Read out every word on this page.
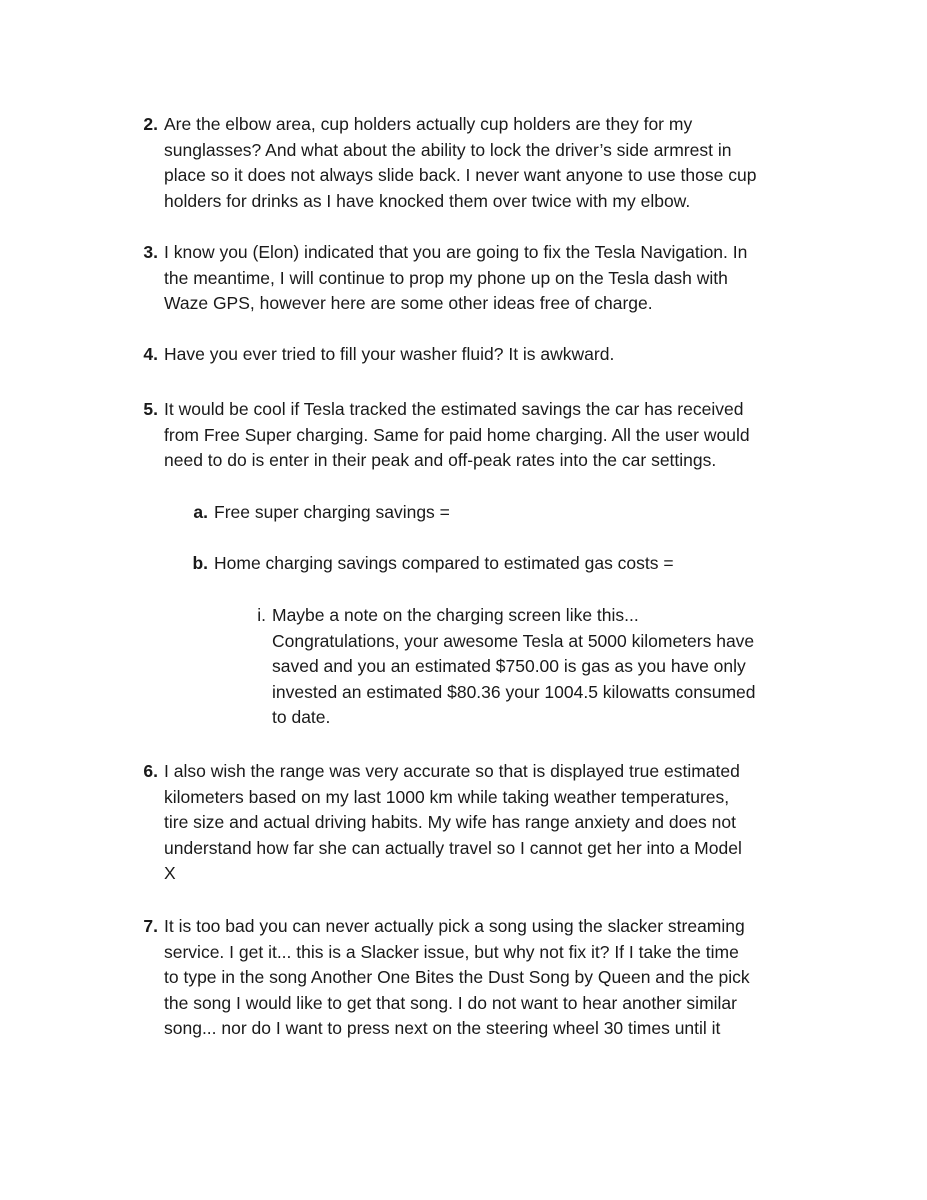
2. Are the elbow area, cup holders actually cup holders are they for my
sunglasses? And what about the ability to lock the driver’s side armrest in
place so it does not always slide back. I never want anyone to use those cup
holders for drinks as I have knocked them over twice with my elbow.
3. I know you (Elon) indicated that you are going to fix the Tesla Navigation. In
the meantime, I will continue to prop my phone up on the Tesla dash with
Waze GPS, however here are some other ideas free of charge.
4. Have you ever tried to fill your washer fluid? It is awkward.
5. It would be cool if Tesla tracked the estimated savings the car has received
from Free Super charging. Same for paid home charging. All the user would
need to do is enter in their peak and off-peak rates into the car settings.
a. Free super charging savings =
b. Home charging savings compared to estimated gas costs =
i. Maybe a note on the charging screen like this...
Congratulations, your awesome Tesla at 5000 kilometers have
saved and you an estimated $750.00 is gas as you have only
invested an estimated $80.36 your 1004.5 kilowatts consumed
to date.
6. I also wish the range was very accurate so that is displayed true estimated
kilometers based on my last 1000 km while taking weather temperatures,
tire size and actual driving habits. My wife has range anxiety and does not
understand how far she can actually travel so I cannot get her into a Model
X
7. It is too bad you can never actually pick a song using the slacker streaming
service. I get it... this is a Slacker issue, but why not fix it? If I take the time
to type in the song Another One Bites the Dust Song by Queen and the pick
the song I would like to get that song. I do not want to hear another similar
song... nor do I want to press next on the steering wheel 30 times until it
